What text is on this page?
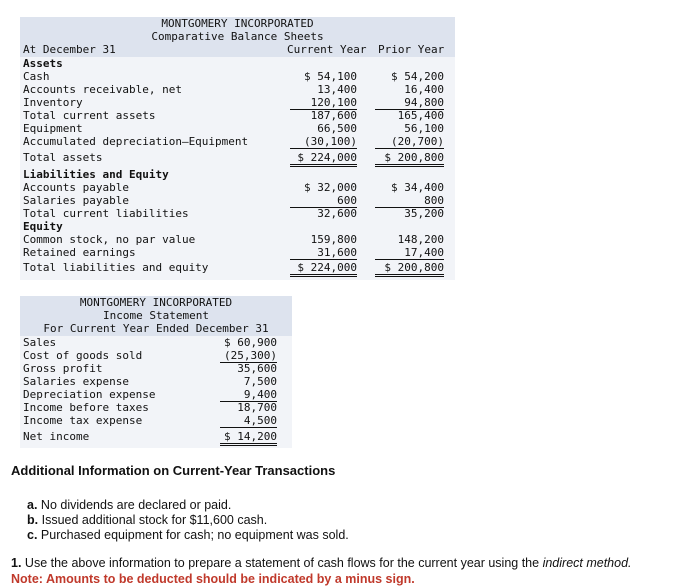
MONTGOMERY INCORPORATED
Comparative Balance Sheets
At December 31	Current Year Prior Year
Assets
Cash	$ 54,100	$ 54,200
Accounts receivable, net	13,400	16,400
Inventory	120,100	94,800
Total current assets	187,600	165,400
Equipment	66,500	56,100
Accumulated depreciation–Equipment	(30,100)	(20,700)
Total assets	$ 224,000	$ 200,800
Liabilities and Equity
Accounts payable	$ 32,000	$ 34,400
Salaries payable	600	800
Total current liabilities	32,600	35,200
Equity
Common stock, no par value	159,800	148,200
Retained earnings	31,600	17,400
Total liabilities and equity	$ 224,000	$ 200,800
MONTGOMERY INCORPORATED
Income Statement
For Current Year Ended December 31
Sales	$ 60,900
Cost of goods sold	(25,300)
Gross profit	35,600
Salaries expense	7,500
Depreciation expense	9,400
Income before taxes	18,700
Income tax expense	4,500
Net income	$ 14,200
Additional Information on Current-Year Transactions
a. No dividends are declared or paid.
b. Issued additional stock for $11,600 cash.
c. Purchased equipment for cash; no equipment was sold.
1. Use the above information to prepare a statement of cash flows for the current year using the indirect method.
Note: Amounts to be deducted should be indicated by a minus sign.
